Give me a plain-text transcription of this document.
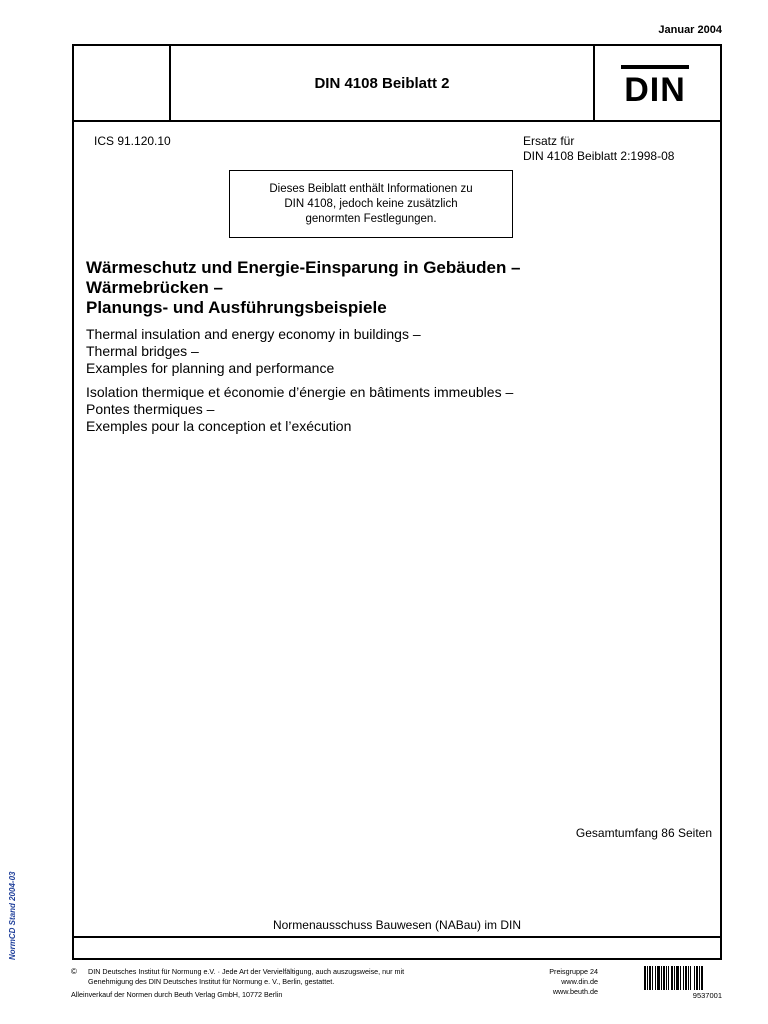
Januar 2004
DIN 4108 Beiblatt 2	DIN
ICS 91.120.10	Ersatz für
DIN 4108 Beiblatt 2:1998-08
Dieses Beiblatt enthält Informationen zu
DIN 4108, jedoch keine zusätzlich
genormten Festlegungen.
Wärmeschutz und Energie-Einsparung in Gebäuden –
Wärmebrücken –
Planungs- und Ausführungsbeispiele
Thermal insulation and energy economy in buildings –
Thermal bridges –
Examples for planning and performance
Isolation thermique et économie d’énergie en bâtiments immeubles –
Pontes thermiques –
Exemples pour la conception et l’exécution
Gesamtumfang 86 Seiten
Normenausschuss Bauwesen (NABau) im DIN
NormCD Stand 2004-03
© DIN Deutsches Institut für Normung e.V. · Jede Art der Vervielfältigung, auch auszugsweise, nur mit
Genehmigung des DIN Deutsches Institut für Normung e. V., Berlin, gestattet.
Alleinverkauf der Normen durch Beuth Verlag GmbH, 10772 Berlin
Preisgruppe 24
www.din.de
www.beuth.de	9537001
